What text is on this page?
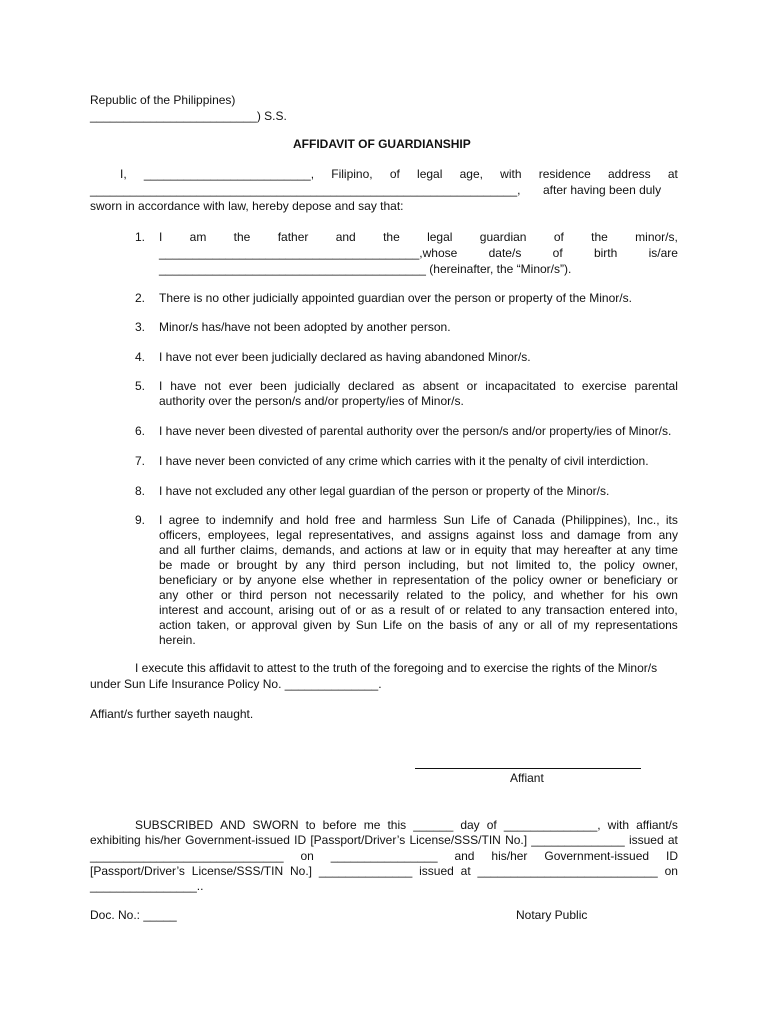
Republic of the Philippines)
_________________________) S.S.
AFFIDAVIT OF GUARDIANSHIP
I, _________________________, Filipino, of legal age, with residence address at
________________________________________________________________, after having been duly
sworn in accordance with law, hereby depose and say that:
1. I am the father and the legal guardian of the minor/s,
_______________________________________,whose	date/s	of	birth	is/are
________________________________________ (hereinafter, the “Minor/s”).
2. There is no other judicially appointed guardian over the person or property of the Minor/s.
3. Minor/s has/have not been adopted by another person.
4. I have not ever been judicially declared as having abandoned Minor/s.
5. I have not ever been judicially declared as absent or incapacitated to exercise parental
authority over the person/s and/or property/ies of Minor/s.
6. I have never been divested of parental authority over the person/s and/or property/ies of Minor/s.
7. I have never been convicted of any crime which carries with it the penalty of civil interdiction.
8. I have not excluded any other legal guardian of the person or property of the Minor/s.
9. I agree to indemnify and hold free and harmless Sun Life of Canada (Philippines), Inc., its
officers, employees, legal representatives, and assigns against loss and damage from any
and all further claims, demands, and actions at law or in equity that may hereafter at any time
be made or brought by any third person including, but not limited to, the policy owner,
beneficiary or by anyone else whether in representation of the policy owner or beneficiary or
any other or third person not necessarily related to the policy, and whether for his own
interest and account, arising out of or as a result of or related to any transaction entered into,
action taken, or approval given by Sun Life on the basis of any or all of my representations
herein.
I execute this affidavit to attest to the truth of the foregoing and to exercise the rights of the Minor/s
under Sun Life Insurance Policy No. ______________.
Affiant/s further sayeth naught.
Affiant
SUBSCRIBED AND SWORN to before me this ______ day of ______________, with affiant/s
exhibiting his/her Government-issued ID [Passport/Driver’s License/SSS/TIN No.] ______________ issued at
_____________________________ on ________________ and his/her Government-issued ID
[Passport/Driver’s License/SSS/TIN No.] ______________ issued at ___________________________ on
________________..
Doc. No.: _____	Notary Public
